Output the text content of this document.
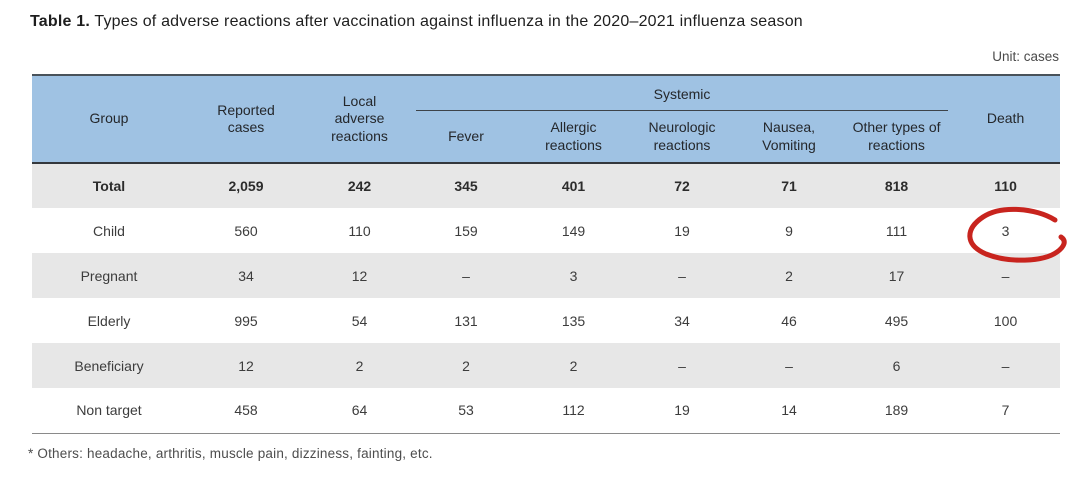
Table 1. Types of adverse reactions after vaccination against influenza in the 2020–2021 influenza season
Unit: cases
Group	Reported cases	Local adverse reactions	Systemic					Death
			Fever	Allergic reactions	Neurologic reactions	Nausea, Vomiting	Other types of reactions	
Total	2,059	242	345	401	72	71	818	110
Child	560	110	159	149	19	9	111	3
Pregnant	34	12	–	3	–	2	17	–
Elderly	995	54	131	135	34	46	495	100
Beneficiary	12	2	2	2	–	–	6	–
Non target	458	64	53	112	19	14	189	7
* Others: headache, arthritis, muscle pain, dizziness, fainting, etc.
